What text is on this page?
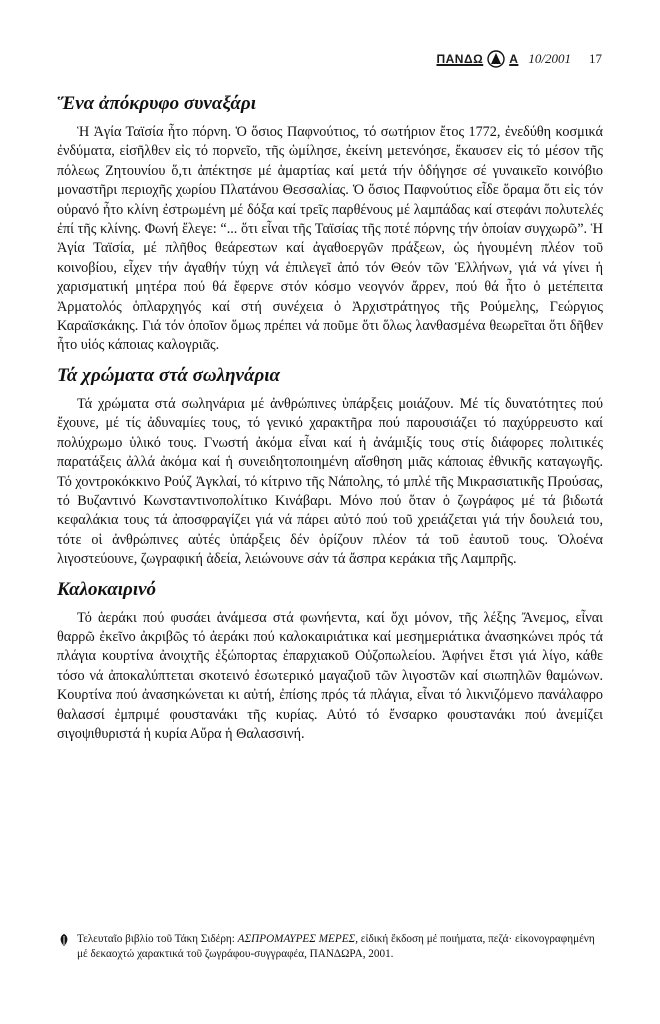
ΠΑΝΔΩ Α 10/2001 17
Ἕνα ἀπόκρυφο συναξάρι

Ἡ Ἁγία Ταϊσία ἦτο πόρνη. Ὁ ὅσιος Παφνούτιος, τό σωτήριον ἔτος 1772, ἐνεδύθη κοσμικά ἐνδύματα, εἰσῆλθεν εἰς τό πορνεῖο, τῆς ὡμίλησε, ἐκείνη μετενόησε, ἔκαυσεν εἰς τό μέσον τῆς πόλεως Ζητουνίου ὅ,τι ἀπέκτησε μέ ἁμαρτίας καί μετά τήν ὁδήγησε σέ γυναικεῖο κοινόβιο μοναστῆρι περιοχῆς χωρίου Πλατάνου Θεσσαλίας. Ὁ ὅσιος Παφνούτιος εἶδε ὅραμα ὅτι εἰς τόν οὐρανό ἦτο κλίνη ἐστρωμένη μέ δόξα καί τρεῖς παρθένους μέ λαμπάδας καί στεφάνι πολυτελές ἐπί τῆς κλίνης. Φωνή ἔλεγε: “... ὅτι εἶναι τῆς Ταϊσίας τῆς ποτέ πόρνης τήν ὁποίαν συγχωρῶ”. Ἡ Ἁγία Ταϊσία, μέ πλῆθος θεάρεστων καί ἀγαθοεργῶν πράξεων, ὡς ἡγουμένη πλέον τοῦ κοινοβίου, εἶχεν τήν ἀγαθήν τύχη νά ἐπιλεγεῖ ἀπό τόν Θεόν τῶν Ἑλλήνων, γιά νά γίνει ἡ χαρισματική μητέρα πού θά ἔφερνε στόν κόσμο νεογνόν ἄρρεν, πού θά ἦτο ὁ μετέπειτα Ἀρματολός ὁπλαρχηγός καί στή συνέχεια ὁ Ἀρχιστράτηγος τῆς Ρούμελης, Γεώργιος Καραϊσκάκης. Γιά τόν ὁποῖον ὅμως πρέπει νά ποῦμε ὅτι ὅλως λανθασμένα θεωρεῖται ὅτι δῆθεν ἦτο υἱός κάποιας καλογριᾶς.

Τά χρώματα στά σωληνάρια

Τά χρώματα στά σωληνάρια μέ ἀνθρώπινες ὑπάρξεις μοιάζουν. Μέ τίς δυνατότητες πού ἔχουνε, μέ τίς ἀδυναμίες τους, τό γενικό χαρακτῆρα πού παρουσιάζει τό παχύρρευστο καί πολύχρωμο ὑλικό τους. Γνωστή ἀκόμα εἶναι καί ἡ ἀνάμιξίς τους στίς διάφορες πολιτικές παρατάξεις ἀλλά ἀκόμα καί ἡ συνειδητοποιημένη αἴσθηση μιᾶς κάποιας ἐθνικῆς καταγωγῆς. Τό χοντροκόκκινο Ρούζ Ἀγκλαί, τό κίτρινο τῆς Νάπολης, τό μπλέ τῆς Μικρασιατικῆς Προύσας, τό Βυζαντινό Κωνσταντινοπολίτικο Κινάβαρι. Μόνο πού ὅταν ὁ ζωγράφος μέ τά βιδωτά κεφαλάκια τους τά ἀποσφραγίζει γιά νά πάρει αὐτό πού τοῦ χρειάζεται γιά τήν δουλειά του, τότε οἱ ἀνθρώπινες αὐτές ὑπάρξεις δέν ὁρίζουν πλέον τά τοῦ ἑαυτοῦ τους. Ὁλοένα λιγοστεύουνε, ζωγραφική ἀδεία, λειώνουνε σάν τά ἄσπρα κεράκια τῆς Λαμπρῆς.

Καλοκαιρινό

Τό ἀεράκι πού φυσάει ἀνάμεσα στά φωνήεντα, καί ὄχι μόνον, τῆς λέξης Ἄνεμος, εἶναι θαρρῶ ἐκεῖνο ἀκριβῶς τό ἀεράκι πού καλοκαιριάτικα καί μεσημεριάτικα ἀνασηκώνει πρός τά πλάγια κουρτίνα ἀνοιχτῆς ἐξώπορτας ἐπαρχιακοῦ Οὐζοπωλείου. Ἀφήνει ἔτσι γιά λίγο, κάθε τόσο νά ἀποκαλύπτεται σκοτεινό ἐσωτερικό μαγαζιοῦ τῶν λιγοστῶν καί σιωπηλῶν θαμώνων. Κουρτίνα πού ἀνασηκώνεται κι αὐτή, ἐπίσης πρός τά πλάγια, εἶναι τό λικνιζόμενο πανάλαφρο θαλασσί ἐμπριμέ φουστανάκι τῆς κυρίας. Αὐτό τό ἔνσαρκο φουστανάκι πού ἀνεμίζει σιγοψιθυριστά ἡ κυρία Αὔρα ἡ Θαλασσινή.

Τελευταῖο βιβλίο τοῦ Τάκη Σιδέρη: ΑΣΠΡΟΜΑΥΡΕΣ ΜΕΡΕΣ, εἰδική ἔκδοση μέ ποιήματα, πεζά· εἰκονογραφημένη μέ δεκαοχτώ χαρακτικά τοῦ ζωγράφου-συγγραφέα, ΠΑΝΔΩΡΑ, 2001.
